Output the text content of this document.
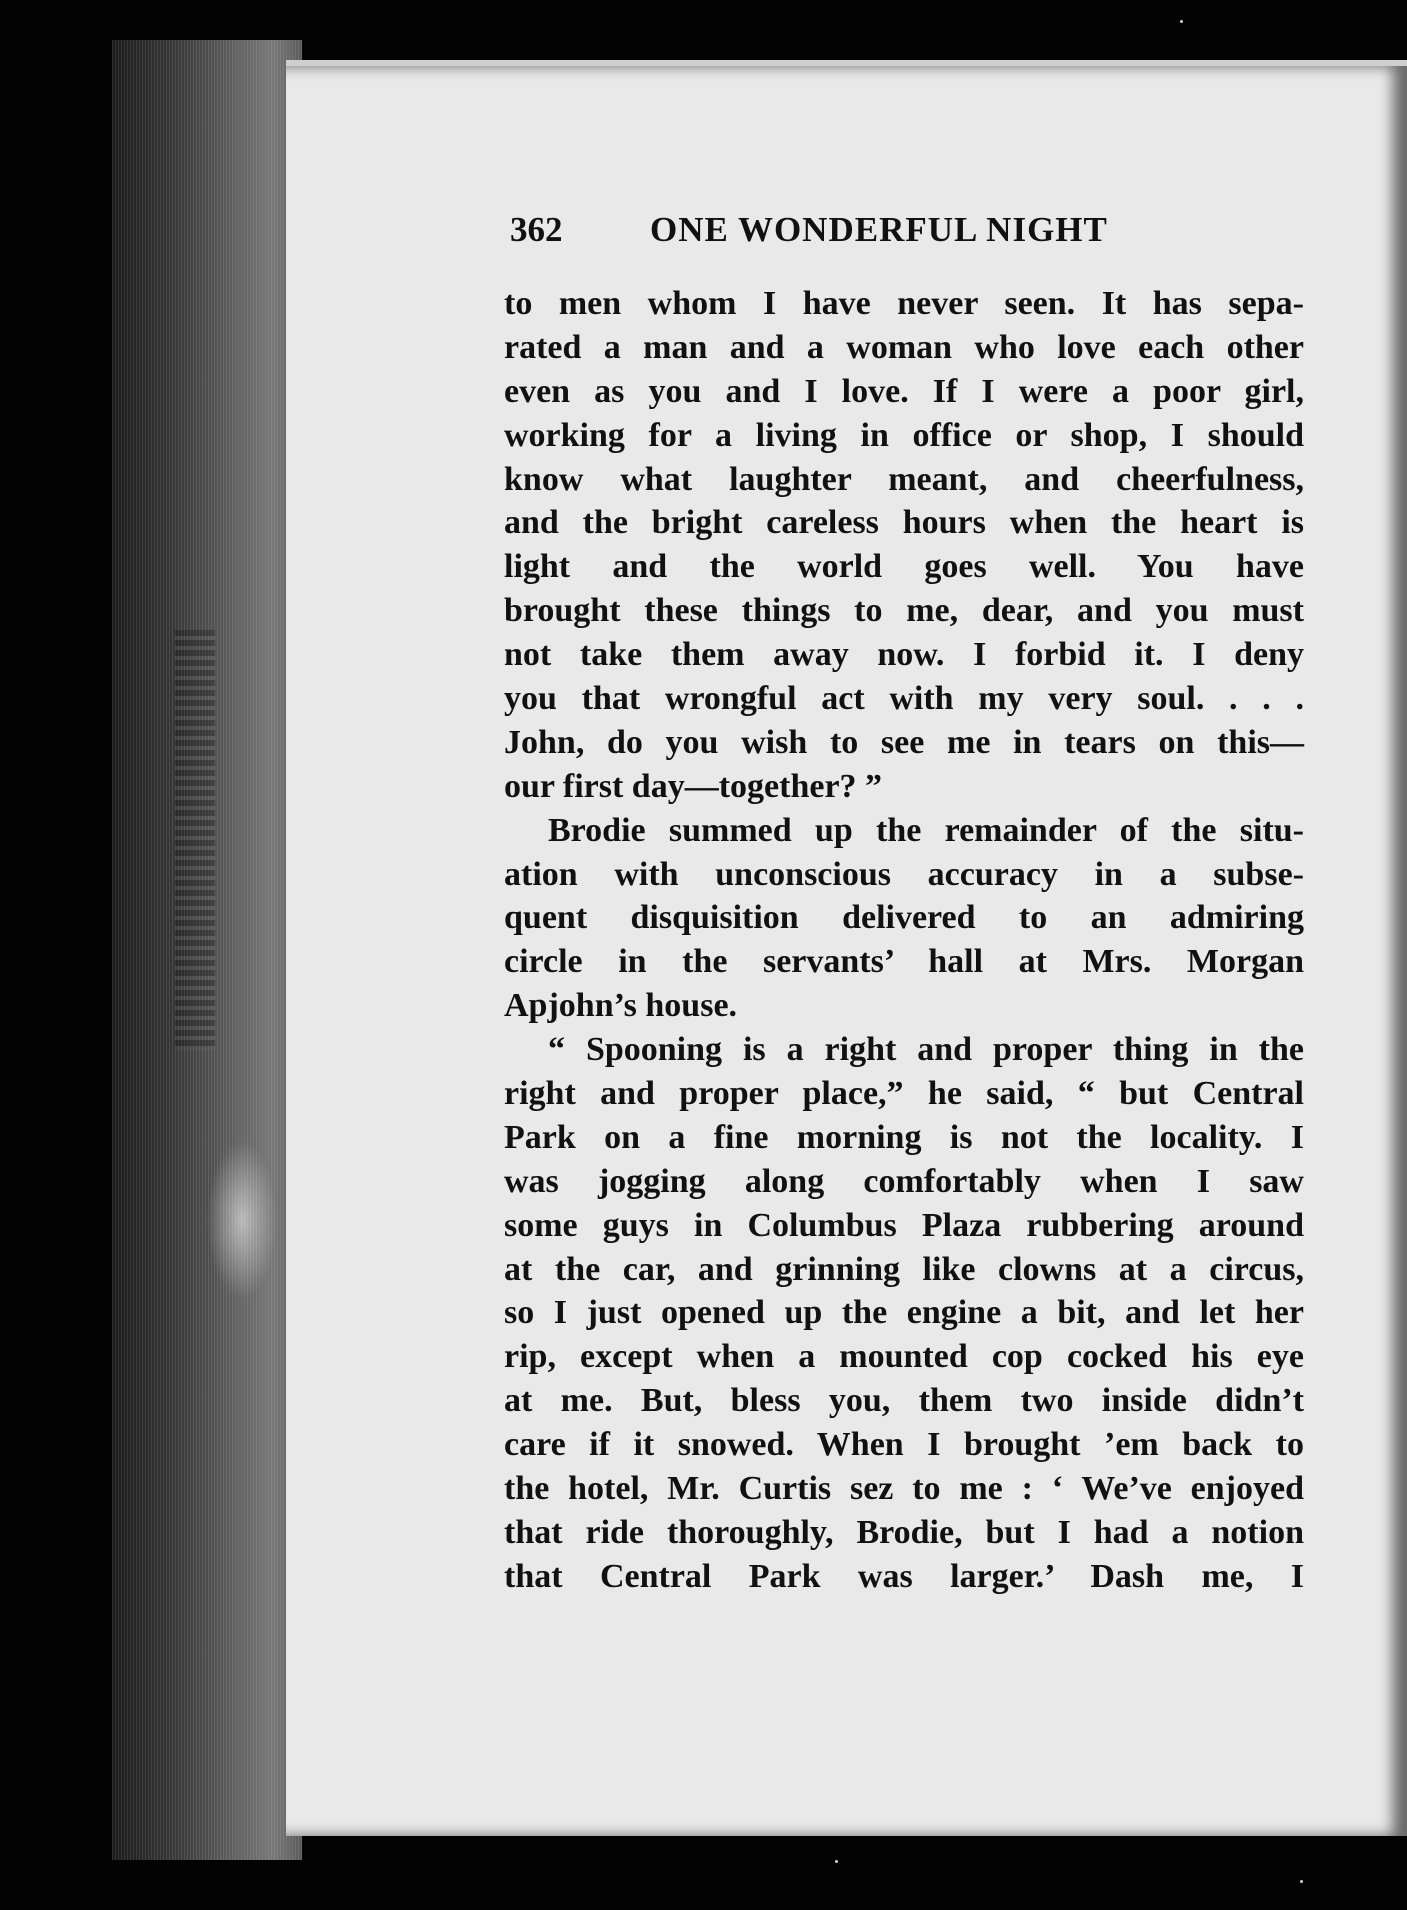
362	ONE WONDERFUL NIGHT
to men whom I have never seen. It has sepa-
rated a man and a woman who love each other
even as you and I love. If I were a poor girl,
working for a living in office or shop, I should
know what laughter meant, and cheerfulness,
and the bright careless hours when the heart is
light and the world goes well. You have
brought these things to me, dear, and you must
not take them away now. I forbid it. I deny
you that wrongful act with my very soul. . . .
John, do you wish to see me in tears on this—
our first day—together? ”
Brodie summed up the remainder of the situ-
ation with unconscious accuracy in a subse-
quent disquisition delivered to an admiring
circle in the servants’ hall at Mrs. Morgan
Apjohn’s house.
“ Spooning is a right and proper thing in the
right and proper place,” he said, “ but Central
Park on a fine morning is not the locality. I
was jogging along comfortably when I saw
some guys in Columbus Plaza rubbering around
at the car, and grinning like clowns at a circus,
so I just opened up the engine a bit, and let her
rip, except when a mounted cop cocked his eye
at me. But, bless you, them two inside didn’t
care if it snowed. When I brought ’em back to
the hotel, Mr. Curtis sez to me : ‘ We’ve enjoyed
that ride thoroughly, Brodie, but I had a notion
that Central Park was larger.’ Dash me, I
